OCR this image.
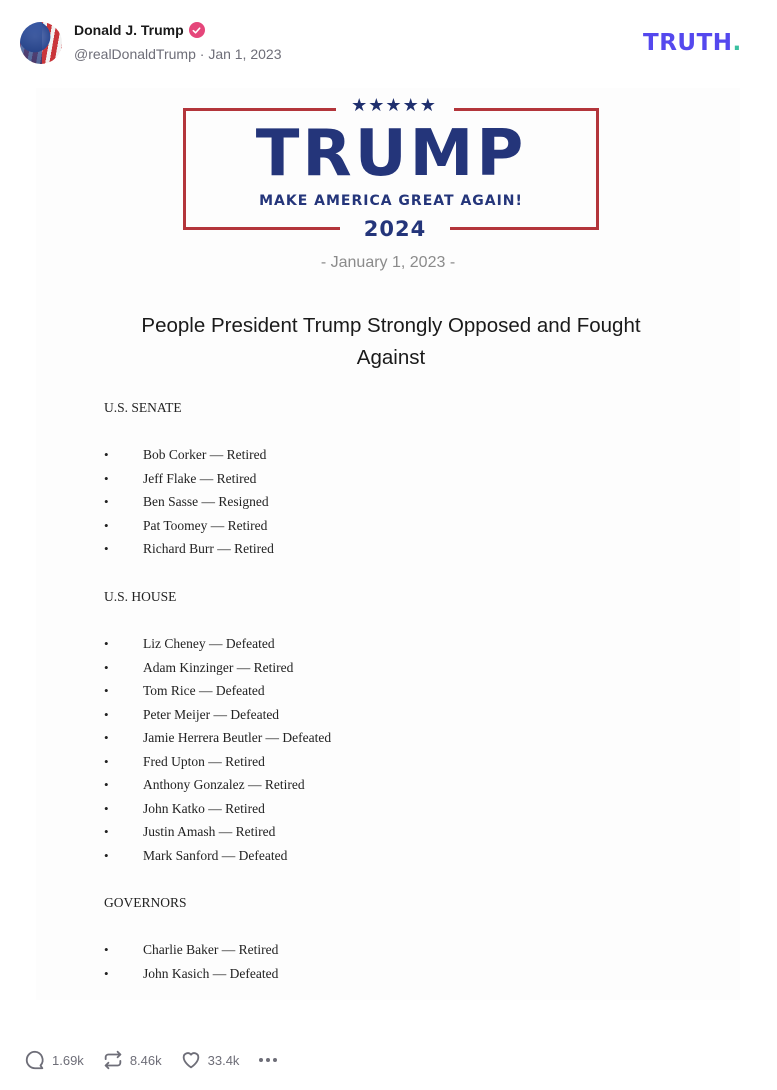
Donald J. Trump
@realDonaldTrump · Jan 1, 2023	TRUTH.
★★★★★
TRUMP
MAKE AMERICA GREAT AGAIN!
2024
- January 1, 2023 -
People President Trump Strongly Opposed and Fought Against
U.S. SENATE
•	Bob Corker — Retired
•	Jeff Flake — Retired
•	Ben Sasse — Resigned
•	Pat Toomey — Retired
•	Richard Burr — Retired
U.S. HOUSE
•	Liz Cheney — Defeated
•	Adam Kinzinger — Retired
•	Tom Rice — Defeated
•	Peter Meijer — Defeated
•	Jamie Herrera Beutler — Defeated
•	Fred Upton — Retired
•	Anthony Gonzalez — Retired
•	John Katko — Retired
•	Justin Amash — Retired
•	Mark Sanford — Defeated
GOVERNORS
•	Charlie Baker — Retired
•	John Kasich — Defeated
1.69k	8.46k	33.4k
